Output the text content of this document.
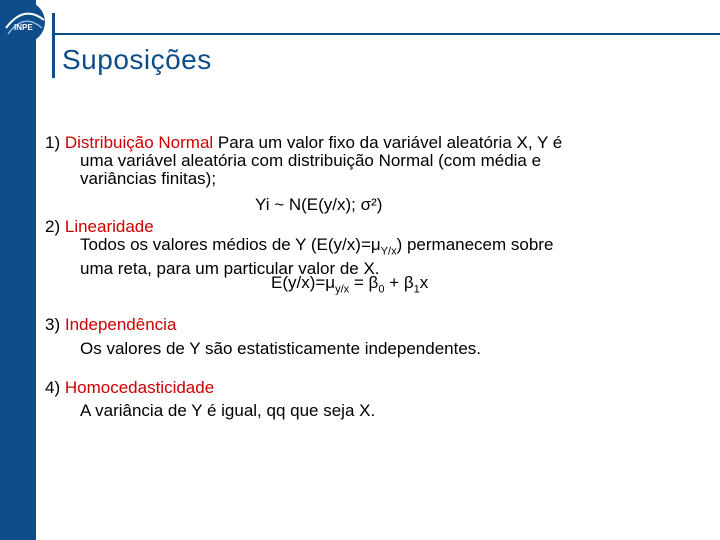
INPE
Suposições
1) Distribuição Normal Para um valor fixo da variável aleatória X, Y é
uma variável aleatória com distribuição Normal (com média e
variâncias finitas);
Yi ~ N(E(y/x); σ²)
2) Linearidade
Todos os valores médios de Y $(E(y/x)=\mu_{Y/x})$ permanecem sobre
uma reta, para um particular valor de X.
$E(y/x)=\mu_{y/x} = \beta_0 + \beta_1x$
3) Independência
Os valores de Y são estatisticamente independentes.
4) Homocedasticidade
A variância de Y é igual, qq que seja X.
